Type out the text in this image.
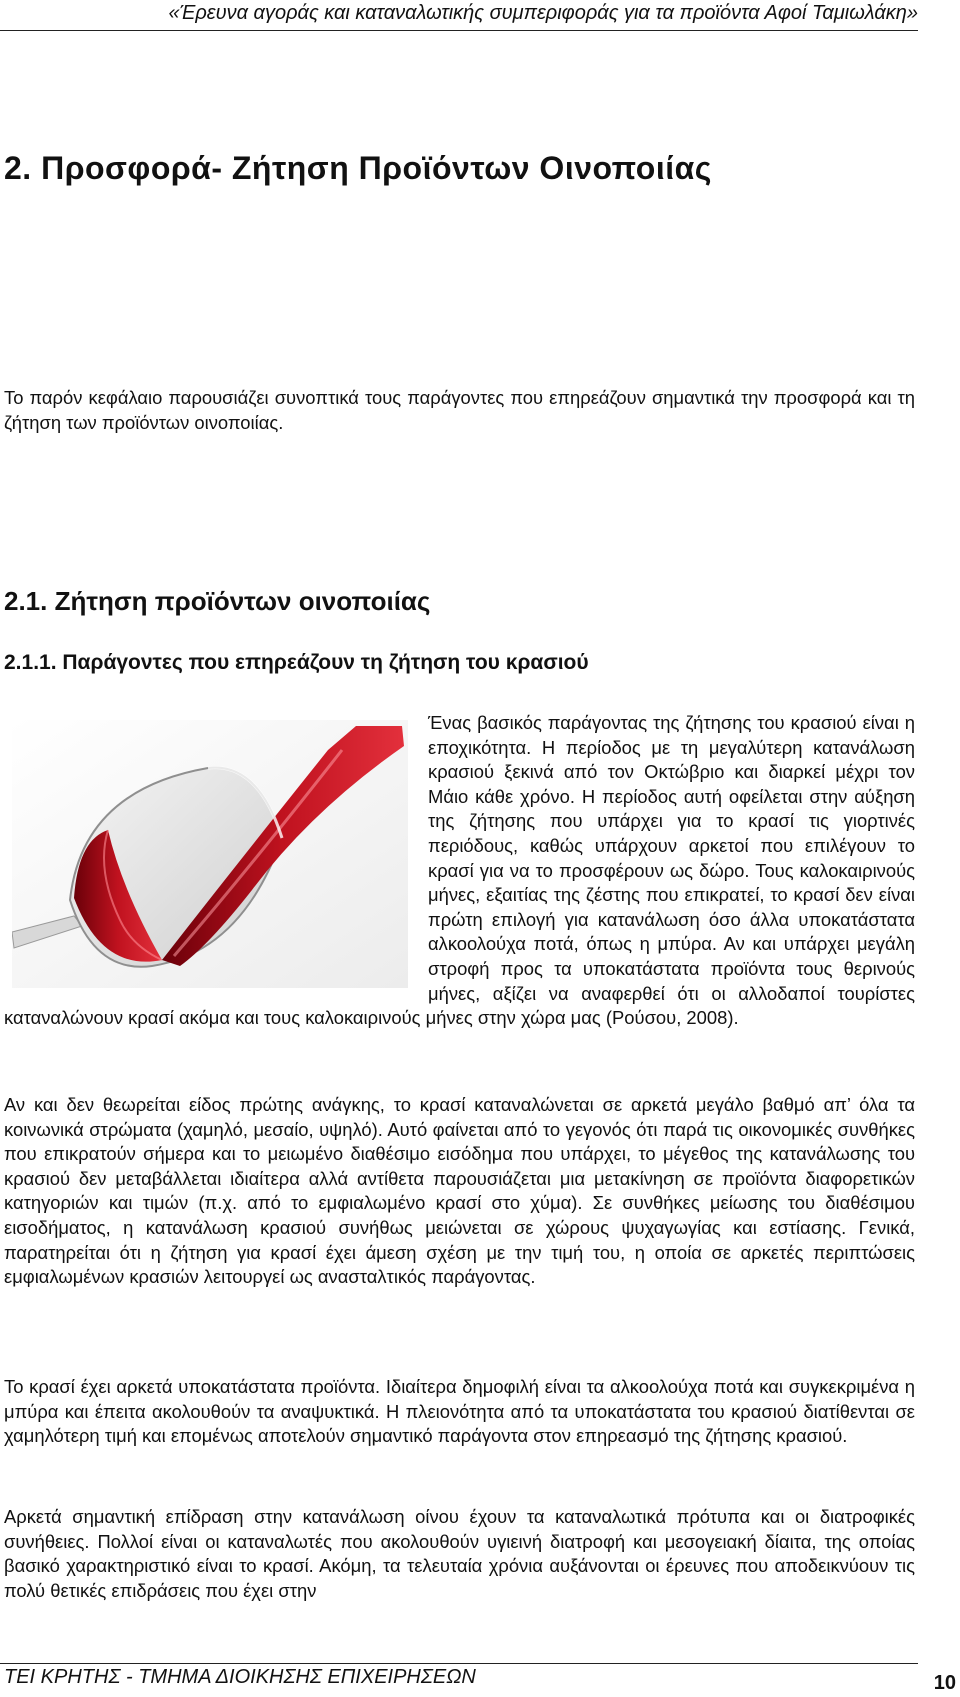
«Έρευνα αγοράς και καταναλωτικής συμπεριφοράς για τα προϊόντα Αφοί Ταμιωλάκη»
2. Προσφορά- Ζήτηση Προϊόντων Οινοποιίας

Το παρόν κεφάλαιο παρουσιάζει συνοπτικά τους παράγοντες που επηρεάζουν σημαντικά την προσφορά και τη ζήτηση των προϊόντων οινοποιίας.

2.1. Ζήτηση προϊόντων οινοποιίας
2.1.1. Παράγοντες που επηρεάζουν τη ζήτηση του κρασιού

Ένας βασικός παράγοντας της ζήτησης του κρασιού είναι η εποχικότητα. Η περίοδος με τη μεγαλύτερη κατανάλωση κρασιού ξεκινά από τον Οκτώβριο και διαρκεί μέχρι τον Μάιο κάθε χρόνο. Η περίοδος αυτή οφείλεται στην αύξηση της ζήτησης που υπάρχει για το κρασί τις γιορτινές περιόδους, καθώς υπάρχουν αρκετοί που επιλέγουν το κρασί για να το προσφέρουν ως δώρο. Τους καλοκαιρινούς μήνες, εξαιτίας της ζέστης που επικρατεί, το κρασί δεν είναι πρώτη επιλογή για κατανάλωση όσο άλλα υποκατάστατα αλκοολούχα ποτά, όπως η μπύρα. Αν και υπάρχει μεγάλη στροφή προς τα υποκατάστατα προϊόντα τους θερινούς μήνες, αξίζει να αναφερθεί ότι οι αλλοδαποί τουρίστες καταναλώνουν κρασί ακόμα και τους καλοκαιρινούς μήνες στην χώρα μας (Ρούσου, 2008).

Αν και δεν θεωρείται είδος πρώτης ανάγκης, το κρασί καταναλώνεται σε αρκετά μεγάλο βαθμό απ’ όλα τα κοινωνικά στρώματα (χαμηλό, μεσαίο, υψηλό). Αυτό φαίνεται από το γεγονός ότι παρά τις οικονομικές συνθήκες που επικρατούν σήμερα και το μειωμένο διαθέσιμο εισόδημα που υπάρχει, το μέγεθος της κατανάλωσης του κρασιού δεν μεταβάλλεται ιδιαίτερα αλλά αντίθετα παρουσιάζεται μια μετακίνηση σε προϊόντα διαφορετικών κατηγοριών και τιμών (π.χ. από το εμφιαλωμένο κρασί στο χύμα). Σε συνθήκες μείωσης του διαθέσιμου εισοδήματος, η κατανάλωση κρασιού συνήθως μειώνεται σε χώρους ψυχαγωγίας και εστίασης. Γενικά, παρατηρείται ότι η ζήτηση για κρασί έχει άμεση σχέση με την τιμή του, η οποία σε αρκετές περιπτώσεις εμφιαλωμένων κρασιών λειτουργεί ως ανασταλτικός παράγοντας.

Το κρασί έχει αρκετά υποκατάστατα προϊόντα. Ιδιαίτερα δημοφιλή είναι τα αλκοολούχα ποτά και συγκεκριμένα η μπύρα και έπειτα ακολουθούν τα αναψυκτικά. Η πλειονότητα από τα υποκατάστατα του κρασιού διατίθενται σε χαμηλότερη τιμή και επομένως αποτελούν σημαντικό παράγοντα στον επηρεασμό της ζήτησης κρασιού.

Αρκετά σημαντική επίδραση στην κατανάλωση οίνου έχουν τα καταναλωτικά πρότυπα και οι διατροφικές συνήθειες. Πολλοί είναι οι καταναλωτές που ακολουθούν υγιεινή διατροφή και μεσογειακή δίαιτα, της οποίας βασικό χαρακτηριστικό είναι το κρασί. Ακόμη, τα τελευταία χρόνια αυξάνονται οι έρευνες που αποδεικνύουν τις πολύ θετικές επιδράσεις που έχει στην

ΤΕΙ ΚΡΗΤΗΣ - ΤΜΗΜΑ ΔΙΟΙΚΗΣΗΣ ΕΠΙΧΕΙΡΗΣΕΩΝ	10
